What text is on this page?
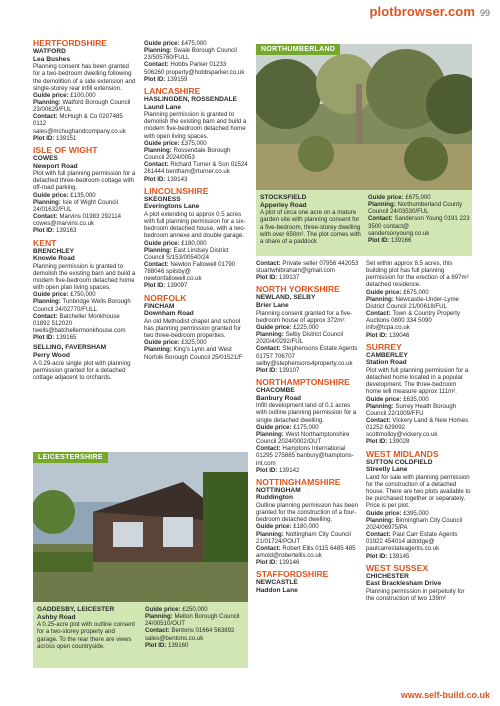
plotbrowser.com 99

HERTFORDSHIRE

WATFORD

Lea Bushes

Planning consent has been granted for a two-bedroom dwelling following the demolition of a side extension and single-storey rear infill extension.

Guide price: £100,000

Planning: Watford Borough Council 23/00629/FUL

Contact: McHugh & Co 0207485 0112 sales@mchughandcompany.co.uk

Plot ID: 139151

ISLE OF WIGHT

COWES

Newport Road

Plot with full planning permission for a detached three-bedroom cottage with off-road parking.

Guide price: £135,000

Planning: Isle of Wight Council 24/01632/FUL

Contact: Marvins 01983 292114 cowes@marvins.co.uk

Plot ID: 139163

KENT

BRENCHLEY

Knowle Road

Planning permission is granted to demolish the existing barn and build a modern five-bedroom detached home with open plan living spaces.

Guide price: £750,000

Planning: Tunbridge Wells Borough Council 24/02770/FULL

Contact: Batcheller Monkhouse 01892 512020 twells@batchellermonkhouse.com

Plot ID: 139165

SELLING, FAVERSHAM

Perry Wood

A 0.29-acre single plot with planning permission granted for a detached cottage adjacent to orchards.

Guide price: £475,000

Planning: Swale Borough Council 23/505760/FULL

Contact: Hobbs Parker 01233 506260 property@hobbsparker.co.uk

Plot ID: 139159

LANCASHIRE

HASLINGDEN, ROSSENDALE

Laund Lane

Planning permission is granted to demolish the existing barn and build a modern five-bedroom detached home with open living spaces.

Guide price: £375,000

Planning: Rossendale Borough Council 2024/0053

Contact: Richard Turner & Son 01524 261444 bentham@rturner.co.uk

Plot ID: 139143

LINCOLNSHIRE

SKEGNESS

Everingtons Lane

A plot extending to approx 0.5 acres with full planning permission for a six-bedroom detached house, with a two-bedroom annexe and double garage.

Guide price: £180,000

Planning: East Lindsey District Council S/153/00540/24

Contact: Newton Fallowell 01790 788046 spilsby@ newtonfallowell.co.uk

Plot ID: 139097

NORFOLK

FINCHAM

Downham Road

An old Methodist chapel and school has planning permission granted for two three-bedroom properties.

Guide price: £325,000

Planning: King's Lynn and West Norfolk Borough Council 25/01521/F

LEICESTERSHIRE

GADDESBY, LEICESTER

Ashby Road

A 0.25-acre plot with outline consent for a two-storey property and garage. To the rear there are views across open countryside.

Guide price: £250,000

Planning: Melton Borough Council 24/00510/OUT

Contact: Bentons 01664 563892 sales@bentons.co.uk

Plot ID: 139160

NORTHUMBERLAND

STOCKSFIELD

Apperley Road

A plot of circa one acre on a mature garden site with planning consent for a five-bedroom, three-storey dwelling with over 650m². The plot comes with a share of a paddock

Guide price: £675,000

Planning: Northumberland County Council 24/03530/FUL

Contact: Sanderson Young 0191 223 3500 contact@ sandersonyoung.co.uk

Plot ID: 139166

Contact: Private seller 07956 442053 stuartwhibraham@gmail.com

Plot ID: 139137

NORTH YORKSHIRE

NEWLAND, SELBY

Brier Lane

Planning consent granted for a five-bedroom house of approx 372m².

Guide price: £225,000

Planning: Selby District Council 2020/4/0292/FUL

Contact: Stephensons Estate Agents 01757 706707 selby@stephensons4property.co.uk

Plot ID: 139107

NORTHAMPTONSHIRE

CHACOMBE

Banbury Road

Infill development land of 0.1 acres with outline planning permission for a single detached dwelling.

Guide price: £175,000

Planning: West Northamptonshire Council 2024/0002/OUT

Contact: Hamptons International 01295 275885 banbury@hamptons-int.com

Plot ID: 139142

NOTTINGHAMSHIRE

NOTTINGHAM

Ruddington

Outline planning permission has been granted for the construction of a four-bedroom detached dwelling.

Guide price: £180,000

Planning: Nottingham City Council 21/01724/POUT

Contact: Robert Ellis 0115 6485 485 arnold@robertellis.co.uk

Plot ID: 139146

STAFFORDSHIRE

NEWCASTLE

Haddon Lane

Set within approx 8.5 acres, this building plot has full planning permission for the erection of a 697m² detached residence.

Guide price: £675,000

Planning: Newcastle-Under-Lyme District Council 21/00618/FUL

Contact: Town & Country Property Auctions 0800 334 5090 info@tcpa.co.uk

Plot ID: 139046

SURREY

CAMBERLEY

Station Road

Plot with full planning permission for a detached home located in a popular development. The three-bedroom home will measure approx 111m².

Guide price: £635,000

Planning: Surrey Heath Borough Council 22/1009/FFU

Contact: Vickery Land & New Homes 01252 629092 scottmolloy@vickery.co.uk

Plot ID: 139028

WEST MIDLANDS

SUTTON COLDFIELD

Streetly Lane

Land for sale with planning permission for the construction of a detached house. There are two plots available to be purchased together or separately. Price is per plot.

Guide price: £395,000

Planning: Birmingham City Council 2024/06975/PA

Contact: Paul Carr Estate Agents 01922 454014 aldridge@ paulcarrestateagents.co.uk

Plot ID: 139145

WEST SUSSEX

CHICHESTER

East Bracklesham Drive

Planning permission in perpetuity for the construction of two 139m²

www.self-build.co.uk
